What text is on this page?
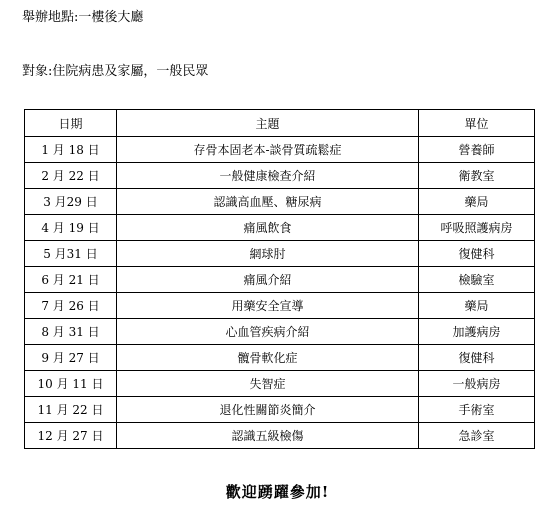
舉辦地點:一樓後大廳
對象:住院病患及家屬，一般民眾
日期	主題	單位
1 月 18 日	存骨本固老本-談骨質疏鬆症	營養師
2 月 22 日	一般健康檢查介紹	衛教室
3 月29 日	認識高血壓、糖尿病	藥局
4 月 19 日	痛風飲食	呼吸照護病房
5 月31 日	網球肘	復健科
6 月 21 日	痛風介紹	檢驗室
7 月 26 日	用藥安全宣導	藥局
8 月 31 日	心血管疾病介紹	加護病房
9 月 27 日	髖骨軟化症	復健科
10 月 11 日	失智症	一般病房
11 月 22 日	退化性關節炎簡介	手術室
12 月 27 日	認識五級檢傷	急診室
歡迎踴躍參加!
